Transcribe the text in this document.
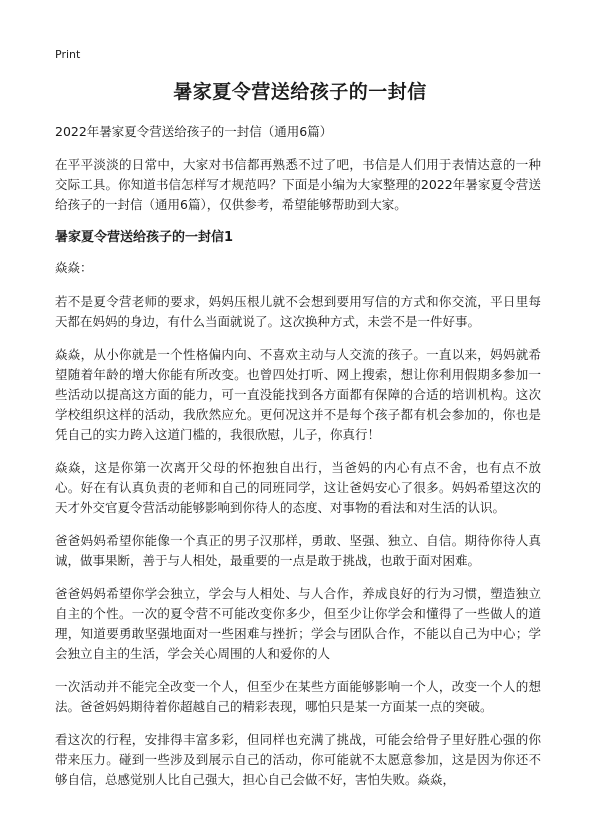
Print
暑家夏令营送给孩子的一封信

2022年暑家夏令营送给孩子的一封信（通用6篇）

在平平淡淡的日常中，大家对书信都再熟悉不过了吧，书信是人们用于表情达意的一种交际工具。你知道书信怎样写才规范吗？下面是小编为大家整理的2022年暑家夏令营送给孩子的一封信（通用6篇），仅供参考，希望能够帮助到大家。

暑家夏令营送给孩子的一封信1

焱焱：

若不是夏令营老师的要求，妈妈压根儿就不会想到要用写信的方式和你交流，平日里每天都在妈妈的身边，有什么当面就说了。这次换种方式，未尝不是一件好事。

焱焱，从小你就是一个性格偏内向、不喜欢主动与人交流的孩子。一直以来，妈妈就希望随着年龄的增大你能有所改变。也曾四处打听、网上搜索，想让你利用假期多参加一些活动以提高这方面的能力，可一直没能找到各方面都有保障的合适的培训机构。这次学校组织这样的活动，我欣然应允。更何况这并不是每个孩子都有机会参加的，你也是凭自己的实力跨入这道门槛的，我很欣慰，儿子，你真行！

焱焱，这是你第一次离开父母的怀抱独自出行，当爸妈的内心有点不舍，也有点不放心。好在有认真负责的老师和自己的同班同学，这让爸妈安心了很多。妈妈希望这次的天才外交官夏令营活动能够影响到你待人的态度、对事物的看法和对生活的认识。

爸爸妈妈希望你能像一个真正的男子汉那样，勇敢、坚强、独立、自信。期待你待人真诚，做事果断，善于与人相处，最重要的一点是敢于挑战，也敢于面对困难。

爸爸妈妈希望你学会独立，学会与人相处、与人合作，养成良好的行为习惯，塑造独立自主的个性。一次的夏令营不可能改变你多少，但至少让你学会和懂得了一些做人的道理，知道要勇敢坚强地面对一些困难与挫折；学会与团队合作，不能以自己为中心；学会独立自主的生活，学会关心周围的人和爱你的人

一次活动并不能完全改变一个人，但至少在某些方面能够影响一个人，改变一个人的想法。爸爸妈妈期待着你超越自己的精彩表现，哪怕只是某一方面某一点的突破。

看这次的行程，安排得丰富多彩，但同样也充满了挑战，可能会给骨子里好胜心强的你带来压力。碰到一些涉及到展示自己的活动，你可能就不太愿意参加，这是因为你还不够自信，总感觉别人比自己强大，担心自己会做不好，害怕失败。焱焱，
